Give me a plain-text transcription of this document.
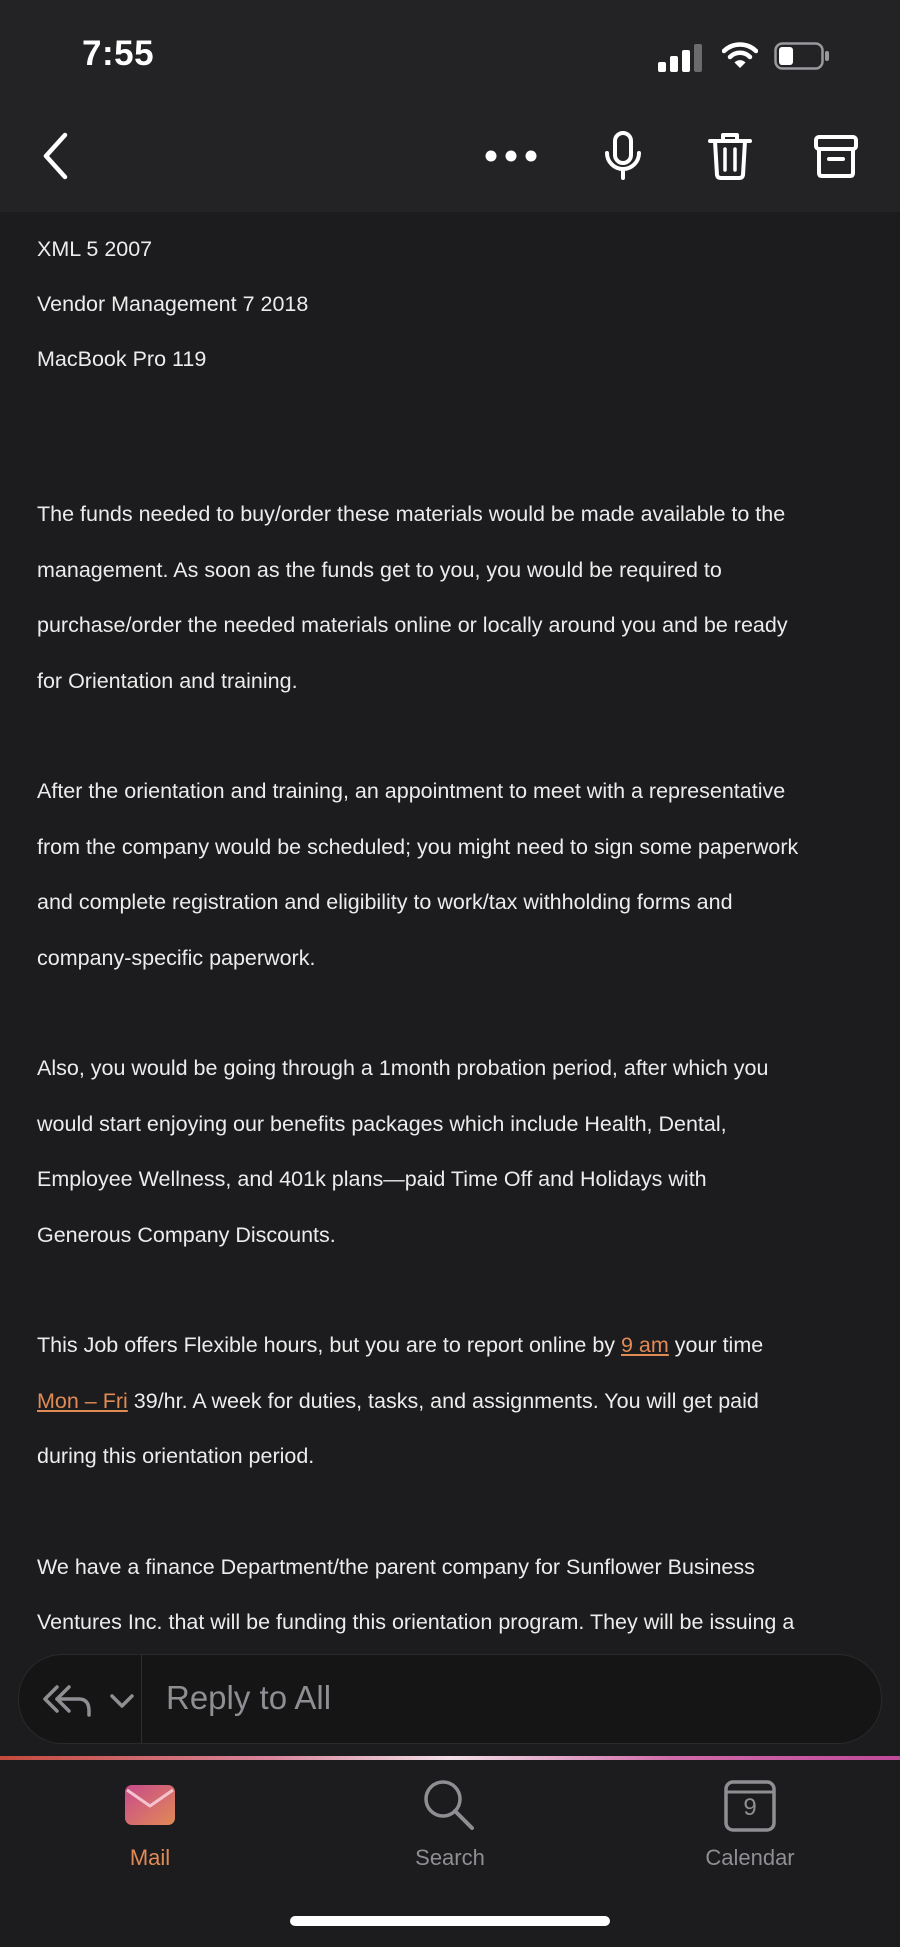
7:55

XML 5 2007

Vendor Management 7 2018

MacBook Pro 119

The funds needed to buy/order these materials would be made available to the

management. As soon as the funds get to you, you would be required to

purchase/order the needed materials online or locally around you and be ready

for Orientation and training.

After the orientation and training, an appointment to meet with a representative

from the company would be scheduled; you might need to sign some paperwork

and complete registration and eligibility to work/tax withholding forms and

company-specific paperwork.

Also, you would be going through a 1month probation period, after which you

would start enjoying our benefits packages which include Health, Dental,

Employee Wellness, and 401k plans—paid Time Off and Holidays with

Generous Company Discounts.

This Job offers Flexible hours, but you are to report online by 9 am your time

Mon – Fri 39/hr. A week for duties, tasks, and assignments. You will get paid

during this orientation period.

We have a finance Department/the parent company for Sunflower Business

Ventures Inc. that will be funding this orientation program. They will be issuing a

Reply to All
Mail	Search
9
Calendar
